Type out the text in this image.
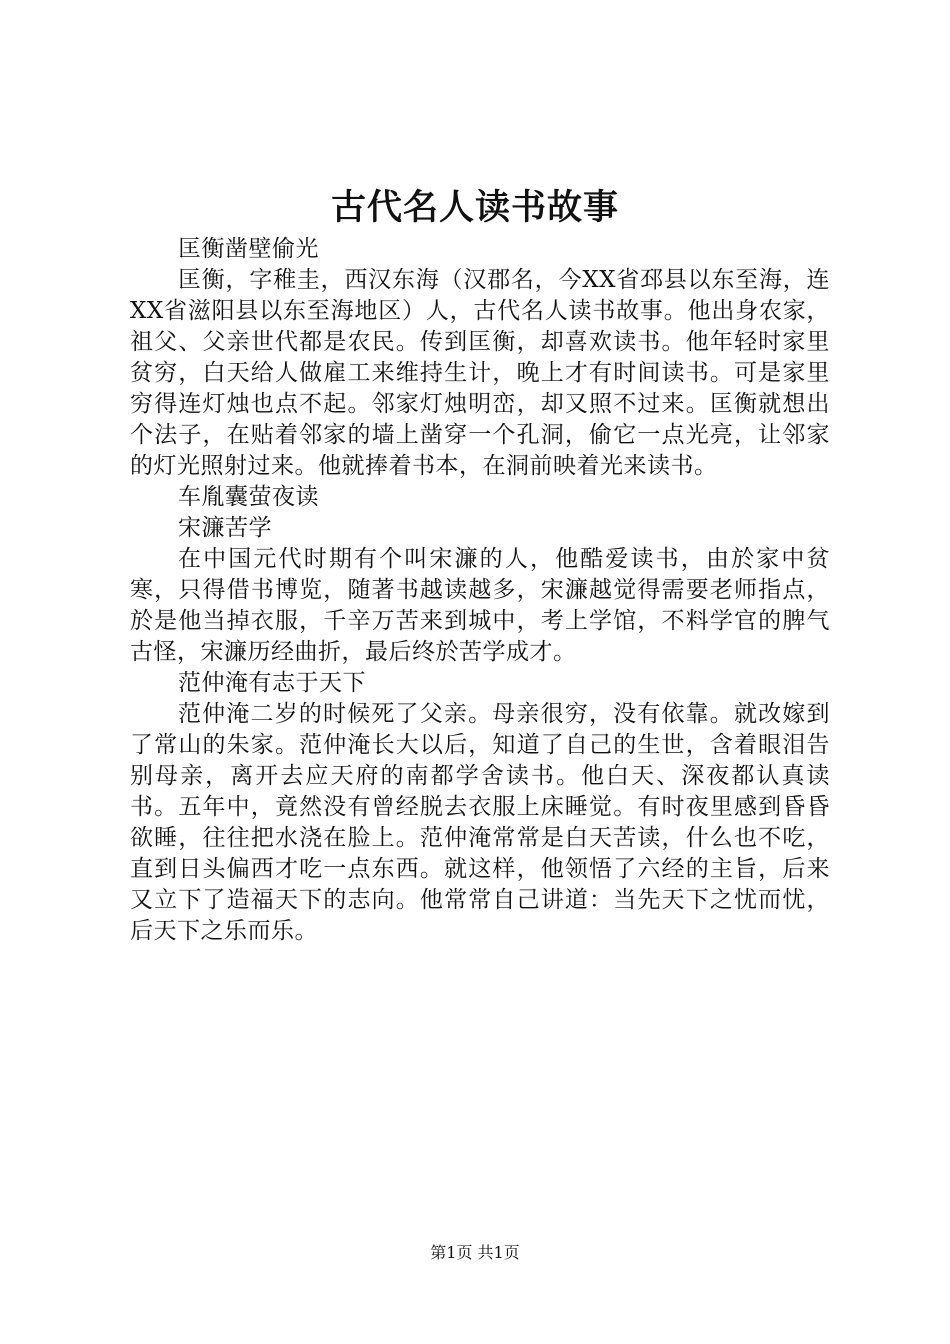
古代名人读书故事

匡衡凿壁偷光

匡衡，字稚圭，西汉东海（汉郡名，今XX省邳县以东至海，连XX省滋阳县以东至海地区）人，古代名人读书故事。他出身农家，祖父、父亲世代都是农民。传到匡衡，却喜欢读书。他年轻时家里贫穷，白天给人做雇工来维持生计，晚上才有时间读书。可是家里穷得连灯烛也点不起。邻家灯烛明峦，却又照不过来。匡衡就想出个法子，在贴着邻家的墙上凿穿一个孔洞，偷它一点光亮，让邻家的灯光照射过来。他就捧着书本，在洞前映着光来读书。

车胤囊萤夜读

宋濂苦学

在中国元代时期有个叫宋濂的人，他酷爱读书，由於家中贫寒，只得借书博览，随著书越读越多，宋濂越觉得需要老师指点，於是他当掉衣服，千辛万苦来到城中，考上学馆，不料学官的脾气古怪，宋濂历经曲折，最后终於苦学成才。

范仲淹有志于天下

范仲淹二岁的时候死了父亲。母亲很穷，没有依靠。就改嫁到了常山的朱家。范仲淹长大以后，知道了自己的生世，含着眼泪告别母亲，离开去应天府的南都学舍读书。他白天、深夜都认真读书。五年中，竟然没有曾经脱去衣服上床睡觉。有时夜里感到昏昏欲睡，往往把水浇在脸上。范仲淹常常是白天苦读，什么也不吃，直到日头偏西才吃一点东西。就这样，他领悟了六经的主旨，后来又立下了造福天下的志向。他常常自己讲道：当先天下之忧而忧，后天下之乐而乐。

第1页 共1页
